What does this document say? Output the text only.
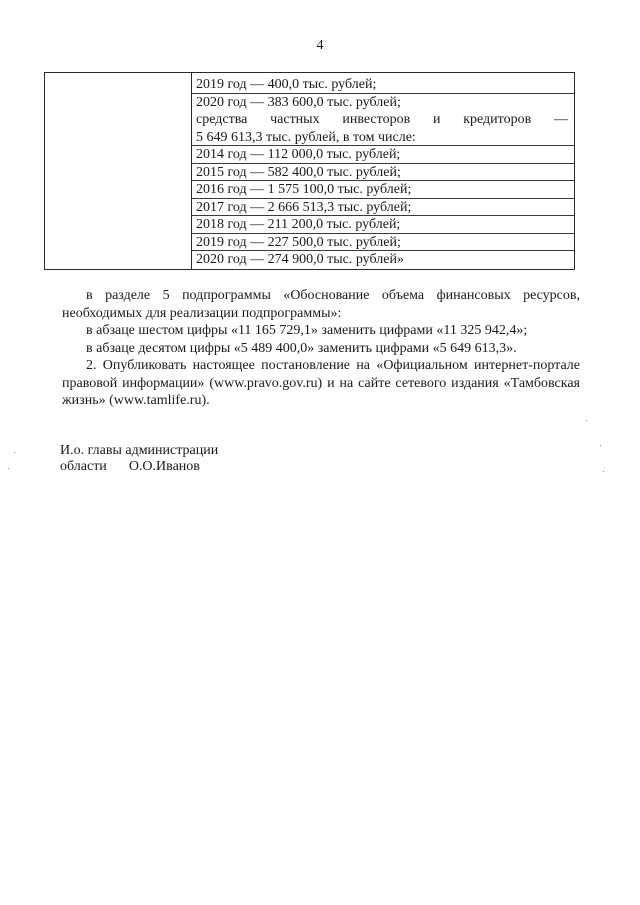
4
2019 год — 400,0 тыс. рублей;
2020 год — 383 600,0 тыс. рублей;
средства частных инвесторов и кредиторов —
5 649 613,3 тыс. рублей, в том числе:
2014 год — 112 000,0 тыс. рублей;
2015 год — 582 400,0 тыс. рублей;
2016 год — 1 575 100,0 тыс. рублей;
2017 год — 2 666 513,3 тыс. рублей;
2018 год — 211 200,0 тыс. рублей;
2019 год — 227 500,0 тыс. рублей;
2020 год — 274 900,0 тыс. рублей»

в разделе 5 подпрограммы «Обоснование объема финансовых ресурсов,

необходимых для реализации подпрограммы»:

в абзаце шестом цифры «11 165 729,1» заменить цифрами «11 325 942,4»;

в абзаце десятом цифры «5 489 400,0» заменить цифрами «5 649 613,3».

2. Опубликовать настоящее постановление на «Официальном интернет-портале правовой информации» (www.pravo.gov.ru) и на сайте сетевого издания «Тамбовская жизнь» (www.tamlife.ru).

И.о. главы администрации
области О.О.Иванов
